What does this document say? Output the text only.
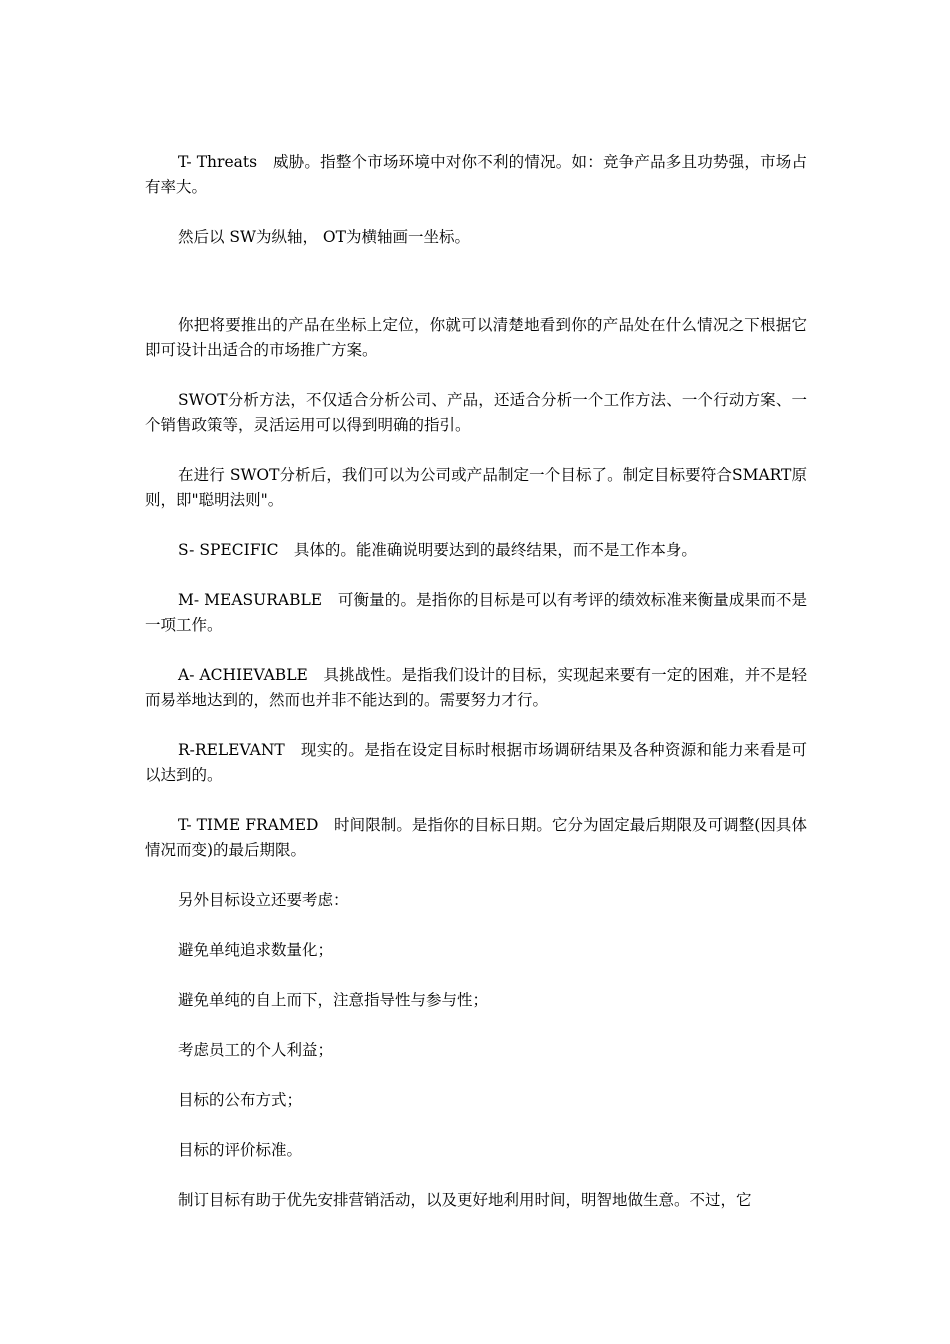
T- Threats　威胁。指整个市场环境中对你不利的情况。如：竞争产品多且功势强，市场占有率大。

然后以 SW为纵轴， OT为横轴画一坐标。

你把将要推出的产品在坐标上定位，你就可以清楚地看到你的产品处在什么情况之下根据它即可设计出适合的市场推广方案。

SWOT分析方法，不仅适合分析公司、产品，还适合分析一个工作方法、一个行动方案、一个销售政策等，灵活运用可以得到明确的指引。

在进行 SWOT分析后，我们可以为公司或产品制定一个目标了。制定目标要符合SMART原则，即"聪明法则"。

S- SPECIFIC　具体的。能准确说明要达到的最终结果，而不是工作本身。

M- MEASURABLE　可衡量的。是指你的目标是可以有考评的绩效标准来衡量成果而不是一项工作。

A- ACHIEVABLE　具挑战性。是指我们设计的目标，实现起来要有一定的困难，并不是轻而易举地达到的，然而也并非不能达到的。需要努力才行。

R-RELEVANT　现实的。是指在设定目标时根据市场调研结果及各种资源和能力来看是可以达到的。

T- TIME FRAMED　时间限制。是指你的目标日期。它分为固定最后期限及可调整(因具体情况而变)的最后期限。

另外目标设立还要考虑：

避免单纯追求数量化；

避免单纯的自上而下，注意指导性与参与性；

考虑员工的个人利益；

目标的公布方式；

目标的评价标准。

制订目标有助于优先安排营销活动，以及更好地利用时间，明智地做生意。不过，它
